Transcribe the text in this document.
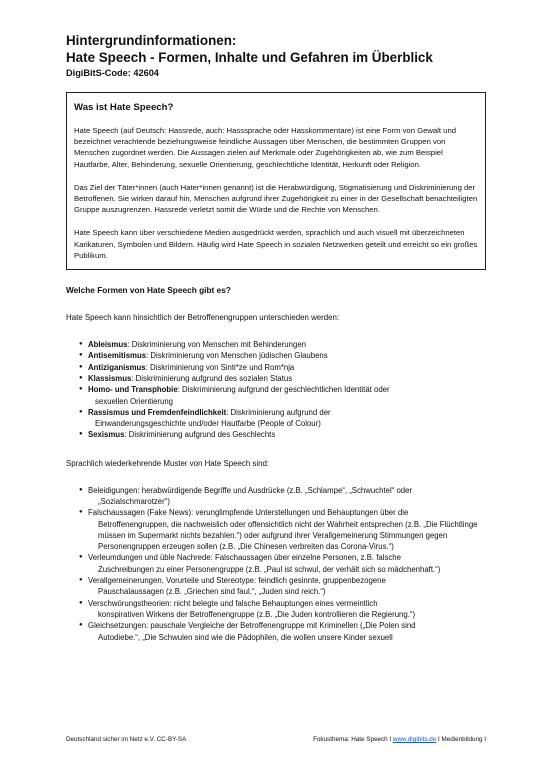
Hintergrundinformationen:
Hate Speech - Formen, Inhalte und Gefahren im Überblick
DigiBitS-Code: 42604
Was ist Hate Speech?

Hate Speech (auf Deutsch: Hassrede, auch: Hasssprache oder Hasskommentare) ist eine Form von Gewalt und bezeichnet verachtende beziehungsweise feindliche Aussagen über Menschen, die bestimmten Gruppen von Menschen zugordnet werden. Die Aussagen zielen auf Merkmale oder Zugehörigkeiten ab, wie zum Beispiel Hautfarbe, Alter, Behinderung, sexuelle Orientierung, geschlechtliche Identität, Herkunft oder Religion.

Das Ziel der Täter*innen (auch Hater*innen genannt) ist die Herabwürdigung, Stigmatisierung und Diskriminierung der Betroffenen. Sie wirken darauf hin, Menschen aufgrund ihrer Zugehörigkeit zu einer in der Gesellschaft benachteiligten Gruppe auszugrenzen. Hassrede verletzt somit die Würde und die Rechte von Menschen.

Hate Speech kann über verschiedene Medien ausgedrückt werden, sprachlich und auch visuell mit überzeichneten Karikaturen, Symbolen und Bildern. Häufig wird Hate Speech in sozialen Netzwerken geteilt und erreicht so ein großes Publikum.

Welche Formen von Hate Speech gibt es?
Hate Speech kann hinsichtlich der Betroffenengruppen unterschieden werden:
● Ableismus: Diskriminierung von Menschen mit Behinderungen
● Antisemitismus: Diskriminierung von Menschen jüdischen Glaubens
● Antiziganismus: Diskriminierung von Sinti*ze und Rom*nja
● Klassismus: Diskriminierung aufgrund des sozialen Status
● Homo- und Transphobie: Diskriminierung aufgrund der geschlechtlichen Identität oder
sexuellen Orientierung
● Rassismus und Fremdenfeindlichkeit: Diskriminierung aufgrund der
Einwanderungsgeschichte und/oder Hautfarbe (People of Colour)
● Sexismus: Diskriminierung aufgrund des Geschlechts
Sprachlich wiederkehrende Muster von Hate Speech sind:
● Beleidigungen: herabwürdigende Begriffe und Ausdrücke (z.B. „Schlampe“, „Schwuchtel“ oder
„Sozialschmarotzer“)
● Falschaussagen (Fake News): verunglimpfende Unterstellungen und Behauptungen über die
Betroffenengruppen, die nachweislich oder offensichtlich nicht der Wahrheit entsprechen (z.B. „Die Flüchtlinge müssen im Supermarkt nichts bezahlen.“) oder aufgrund ihrer Verallgemeinerung Stimmungen gegen Personengruppen erzeugen sollen (z.B. „Die Chinesen verbreiten das Corona-Virus.“)
● Verleumdungen und üble Nachrede: Falschaussagen über einzelne Personen, z.B. falsche
Zuschreibungen zu einer Personengruppe (z.B. „Paul ist schwul, der verhält sich so mädchenhaft.“)
● Verallgemeinerungen, Vorurteile und Stereotype: feindlich gesinnte, gruppenbezogene
Pauschalaussagen (z.B. „Griechen sind faul.“, „Juden sind reich.“)
● Verschwörungstheorien: nicht belegte und falsche Behauptungen eines vermeintlich
konspirativen Wirkens der Betroffenengruppe (z.B. „Die Juden kontrollieren die Regierung.“)
● Gleichsetzungen: pauschale Vergleiche der Betroffenengruppe mit Kriminellen („Die Polen sind
Autodiebe.“, „Die Schwulen sind wie die Pädophilen, die wollen unsere Kinder sexuell
Deutschland sicher im Netz e.V. CC-BY-SA	Fokusthema: Hate Speech I www.digibits.de I Medienbildung I
